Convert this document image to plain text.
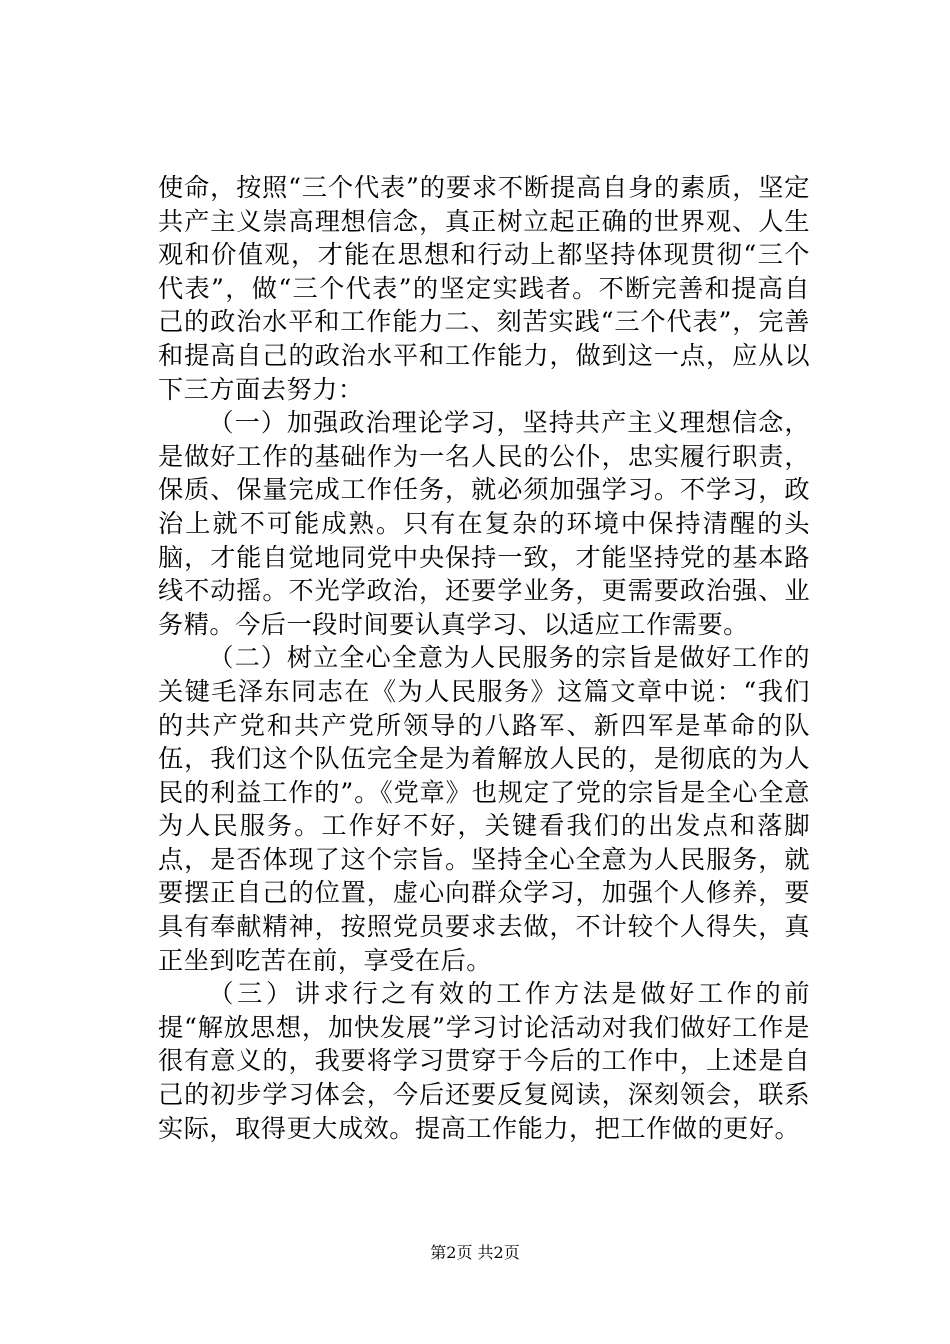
使命，按照“三个代表”的要求不断提高自身的素质，坚定共产主义崇高理想信念，真正树立起正确的世界观、人生观和价值观，才能在思想和行动上都坚持体现贯彻“三个代表”，做“三个代表”的坚定实践者。不断完善和提高自己的政治水平和工作能力二、刻苦实践“三个代表”，完善和提高自己的政治水平和工作能力，做到这一点，应从以下三方面去努力：

（一）加强政治理论学习，坚持共产主义理想信念，是做好工作的基础作为一名人民的公仆，忠实履行职责，保质、保量完成工作任务，就必须加强学习。不学习，政治上就不可能成熟。只有在复杂的环境中保持清醒的头脑，才能自觉地同党中央保持一致，才能坚持党的基本路线不动摇。不光学政治，还要学业务，更需要政治强、业务精。今后一段时间要认真学习、以适应工作需要。

（二）树立全心全意为人民服务的宗旨是做好工作的关键毛泽东同志在《为人民服务》这篇文章中说：“我们的共产党和共产党所领导的八路军、新四军是革命的队伍，我们这个队伍完全是为着解放人民的，是彻底的为人民的利益工作的”。《党章》也规定了党的宗旨是全心全意为人民服务。工作好不好，关键看我们的出发点和落脚点，是否体现了这个宗旨。坚持全心全意为人民服务，就要摆正自己的位置，虚心向群众学习，加强个人修养，要具有奉献精神，按照党员要求去做，不计较个人得失，真正坐到吃苦在前，享受在后。

（三）讲求行之有效的工作方法是做好工作的前提“解放思想，加快发展”学习讨论活动对我们做好工作是很有意义的，我要将学习贯穿于今后的工作中，上述是自己的初步学习体会，今后还要反复阅读，深刻领会，联系实际，取得更大成效。提高工作能力，把工作做的更好。

第2页 共2页
